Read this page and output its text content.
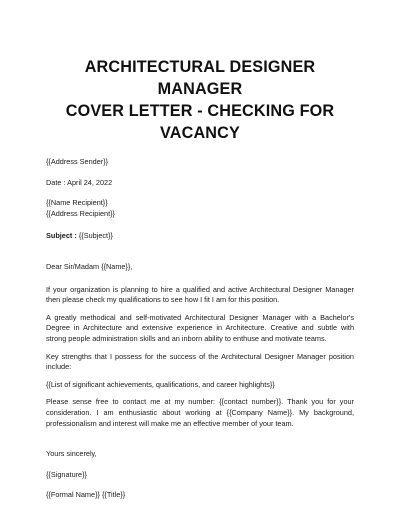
ARCHITECTURAL DESIGNER MANAGER
COVER LETTER - CHECKING FOR VACANCY

{{Address Sender}}

Date : April 24, 2022

{{Name Recipient}}

{{Address Recipient}}

Subject : {{Subject}}

Dear Sir/Madam {{Name}},

If your organization is planning to hire a qualified and active Architectural Designer Manager then please check my qualifications to see how I fit I am for this position.

A greatly methodical and self-motivated Architectural Designer Manager with a Bachelor's Degree in Architecture and extensive experience in Architecture. Creative and subtle with strong people administration skills and an inborn ability to enthuse and motivate teams.

Key strengths that I possess for the success of the Architectural Designer Manager position include:

{{List of significant achievements, qualifications, and career highlights}}

Please sense free to contact me at my number: {{contact number}}. Thank you for your consideration. I am enthusiastic about working at {{Company Name}}. My background, professionalism and interest will make me an effective member of your team.

Yours sincerely,

{{Signature}}

{{Formal Name}} {{Title}}
